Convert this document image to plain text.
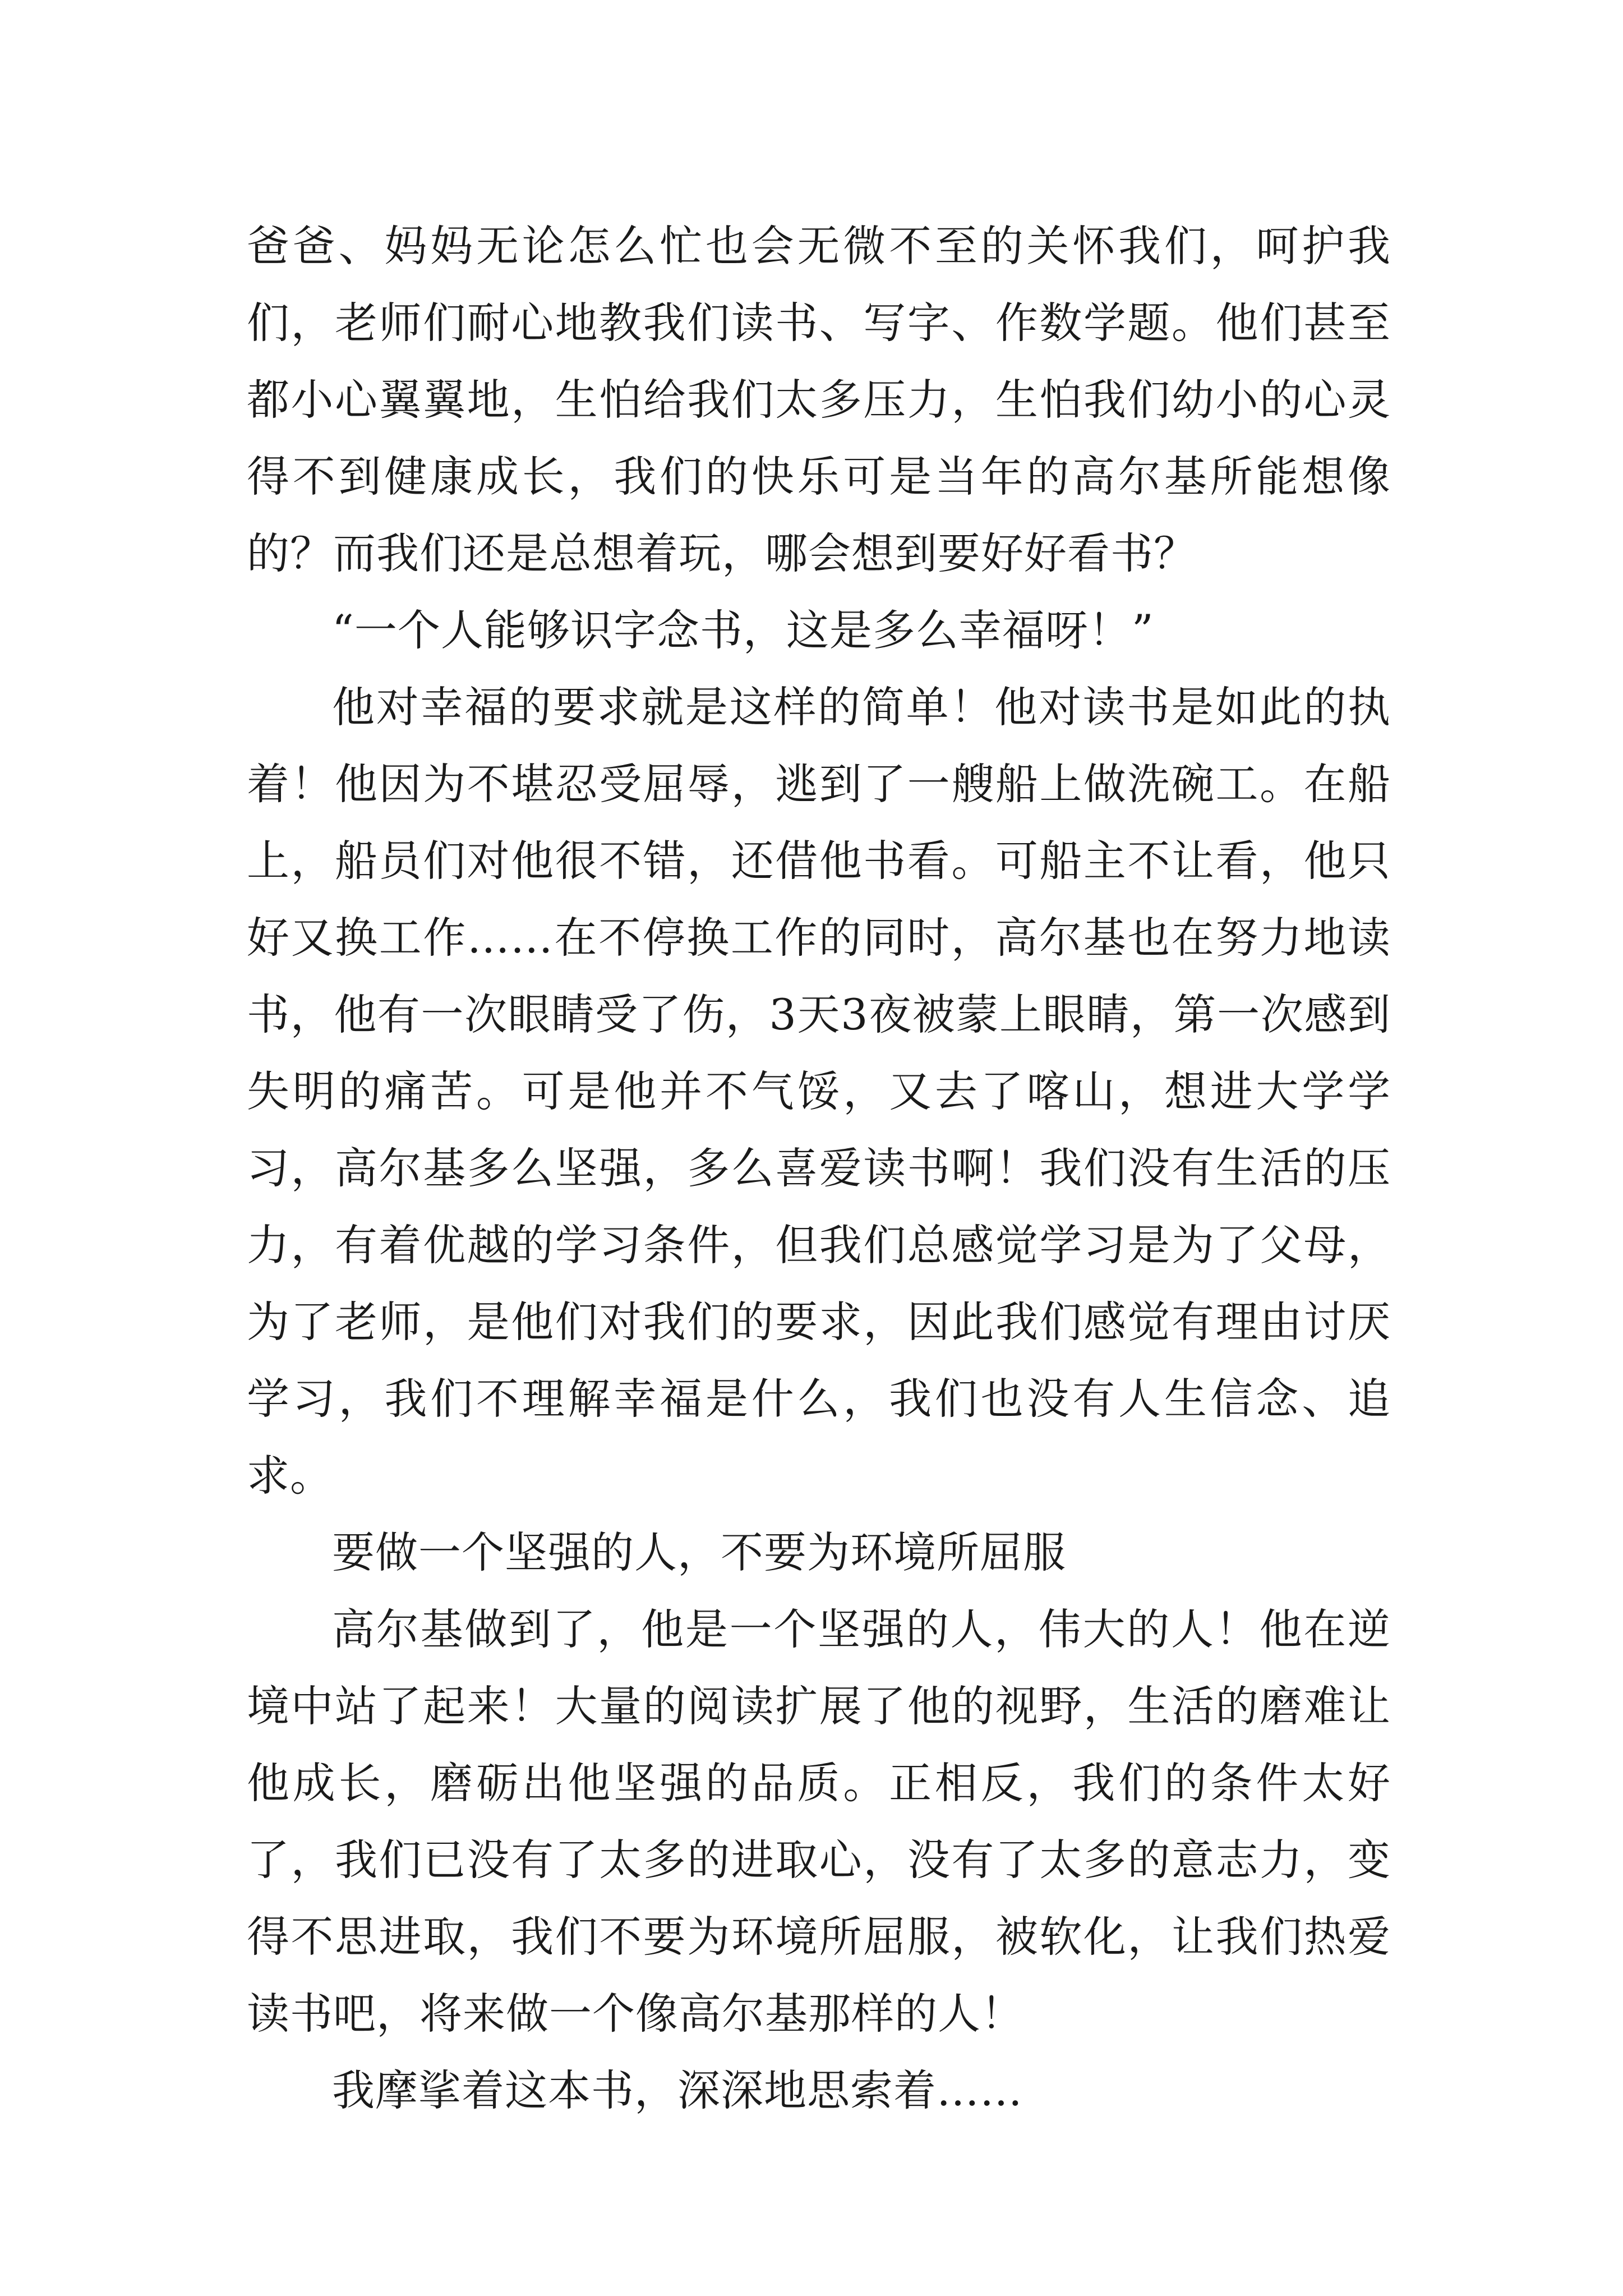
爸爸、妈妈无论怎么忙也会无微不至的关怀我们，呵护我们，老师们耐心地教我们读书、写字、作数学题。他们甚至都小心翼翼地，生怕给我们太多压力，生怕我们幼小的心灵得不到健康成长，我们的快乐可是当年的高尔基所能想像的？而我们还是总想着玩，哪会想到要好好看书？

“一个人能够识字念书，这是多么幸福呀！”

他对幸福的要求就是这样的简单！他对读书是如此的执着！他因为不堪忍受屈辱，逃到了一艘船上做洗碗工。在船上，船员们对他很不错，还借他书看。可船主不让看，他只好又换工作……在不停换工作的同时，高尔基也在努力地读书，他有一次眼睛受了伤，3天3夜被蒙上眼睛，第一次感到失明的痛苦。可是他并不气馁，又去了喀山，想进大学学习，高尔基多么坚强，多么喜爱读书啊！我们没有生活的压力，有着优越的学习条件，但我们总感觉学习是为了父母，为了老师，是他们对我们的要求，因此我们感觉有理由讨厌学习，我们不理解幸福是什么，我们也没有人生信念、追求。

要做一个坚强的人，不要为环境所屈服

高尔基做到了，他是一个坚强的人，伟大的人！他在逆境中站了起来！大量的阅读扩展了他的视野，生活的磨难让他成长，磨砺出他坚强的品质。正相反，我们的条件太好了，我们已没有了太多的进取心，没有了太多的意志力，变得不思进取，我们不要为环境所屈服，被软化，让我们热爱读书吧，将来做一个像高尔基那样的人！

我摩挲着这本书，深深地思索着……
